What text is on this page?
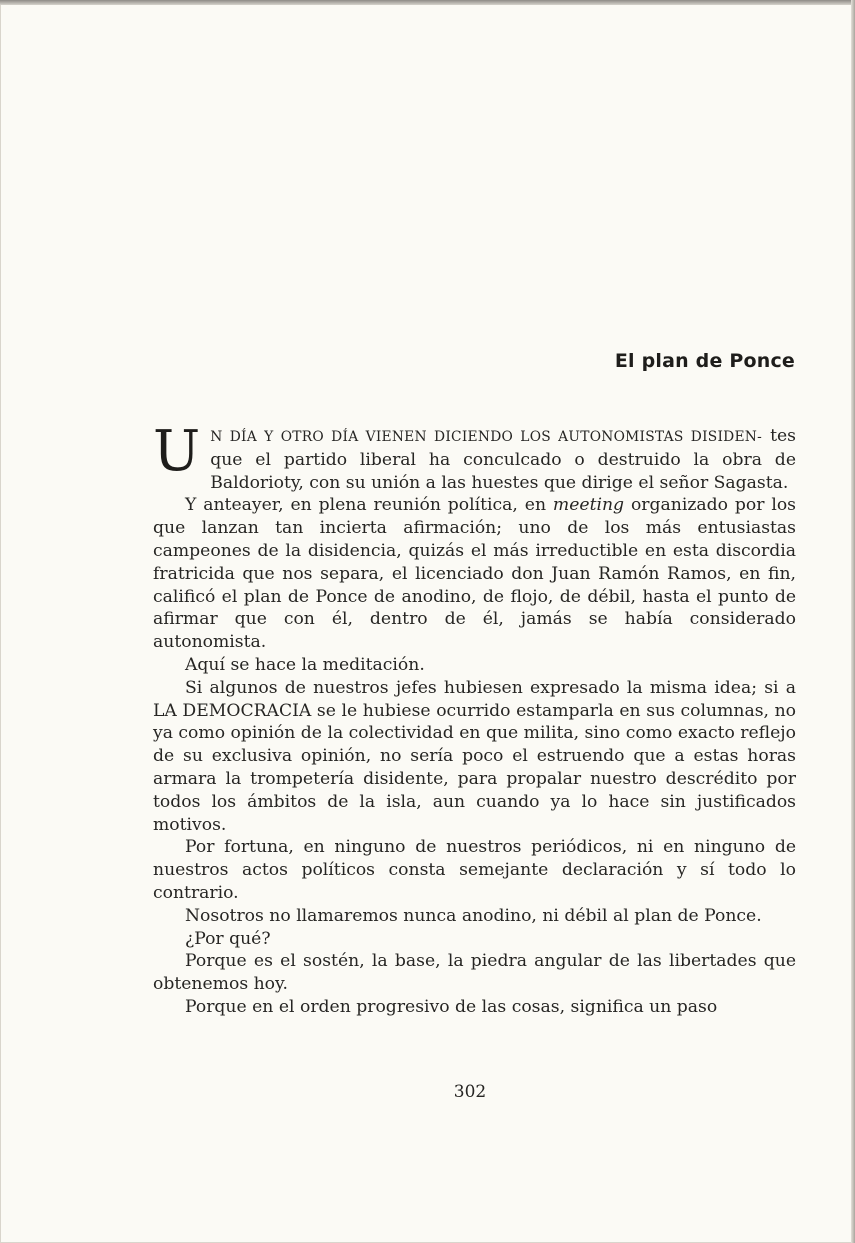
El plan de Ponce

U N DÍA Y OTRO DÍA VIENEN DICIENDO LOS AUTONOMISTAS DISIDEN- tes que el partido liberal ha conculcado o destruido la obra de Baldorioty, con su unión a las huestes que dirige el señor Sagasta.

Y anteayer, en plena reunión política, en meeting organizado por los que lanzan tan incierta afirmación; uno de los más entusiastas campeones de la disidencia, quizás el más irreductible en esta discordia fratricida que nos separa, el licenciado don Juan Ramón Ramos, en fin, calificó el plan de Ponce de anodino, de flojo, de débil, hasta el punto de afirmar que con él, dentro de él, jamás se había considerado autonomista.

Aquí se hace la meditación.

Si algunos de nuestros jefes hubiesen expresado la misma idea; si a LA DEMOCRACIA se le hubiese ocurrido estamparla en sus columnas, no ya como opinión de la colectividad en que milita, sino como exacto reflejo de su exclusiva opinión, no sería poco el estruendo que a estas horas armara la trompetería disidente, para propalar nuestro descrédito por todos los ámbitos de la isla, aun cuando ya lo hace sin justificados motivos.

Por fortuna, en ninguno de nuestros periódicos, ni en ninguno de nuestros actos políticos consta semejante declaración y sí todo lo contrario.

Nosotros no llamaremos nunca anodino, ni débil al plan de Ponce.

¿Por qué?

Porque es el sostén, la base, la piedra angular de las libertades que obtenemos hoy.

Porque en el orden progresivo de las cosas, significa un paso

302
